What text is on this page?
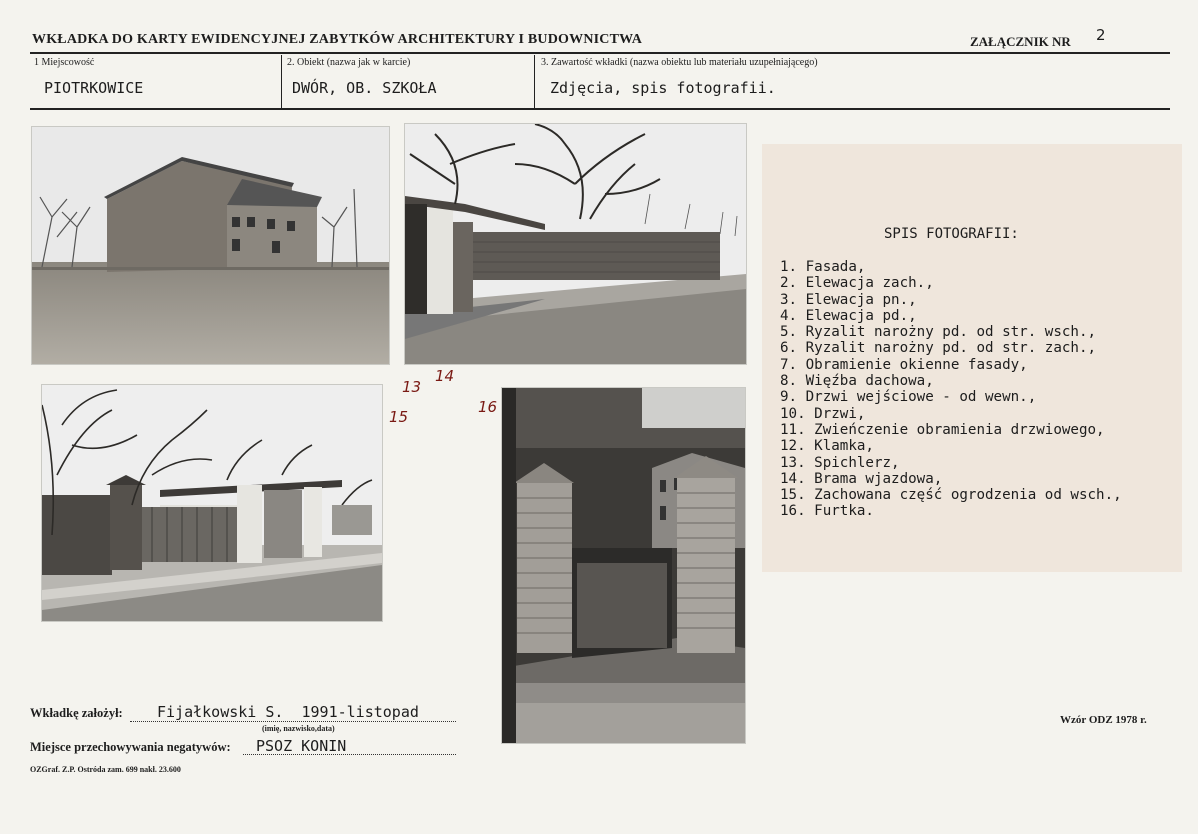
WKŁADKA DO KARTY EWIDENCYJNEJ ZABYTKÓW ARCHITEKTURY I BUDOWNICTWA	ZAŁĄCZNIK NR 2
1 Miejscowość
PIOTRKOWICE
2. Obiekt (nazwa jak w karcie)
DWÓR, OB. SZKOŁA
3. Zawartość wkładki (nazwa obiektu lub materiału uzupełniającego)
Zdjęcia, spis fotografii.
13
14
15
16
SPIS FOTOGRAFII:
1. Fasada,
2. Elewacja zach.,
3. Elewacja pn.,
4. Elewacja pd.,
5. Ryzalit narożny pd. od str. wsch.,
6. Ryzalit narożny pd. od str. zach.,
7. Obramienie okienne fasady,
8. Więźba dachowa,
9. Drzwi wejściowe - od wewn.,
10. Drzwi,
11. Zwieńczenie obramienia drzwiowego,
12. Klamka,
13. Spichlerz,
14. Brama wjazdowa,
15. Zachowana część ogrodzenia od wsch.,
16. Furtka.
Wkładkę założył: Fijałkowski S.  1991-listopad
(imię, nazwisko,data)
Miejsce przechowywania negatywów: PSOZ KONIN
OZGraf. Z.P. Ostróda zam. 699 nakł. 23.600
Wzór ODZ 1978 r.
